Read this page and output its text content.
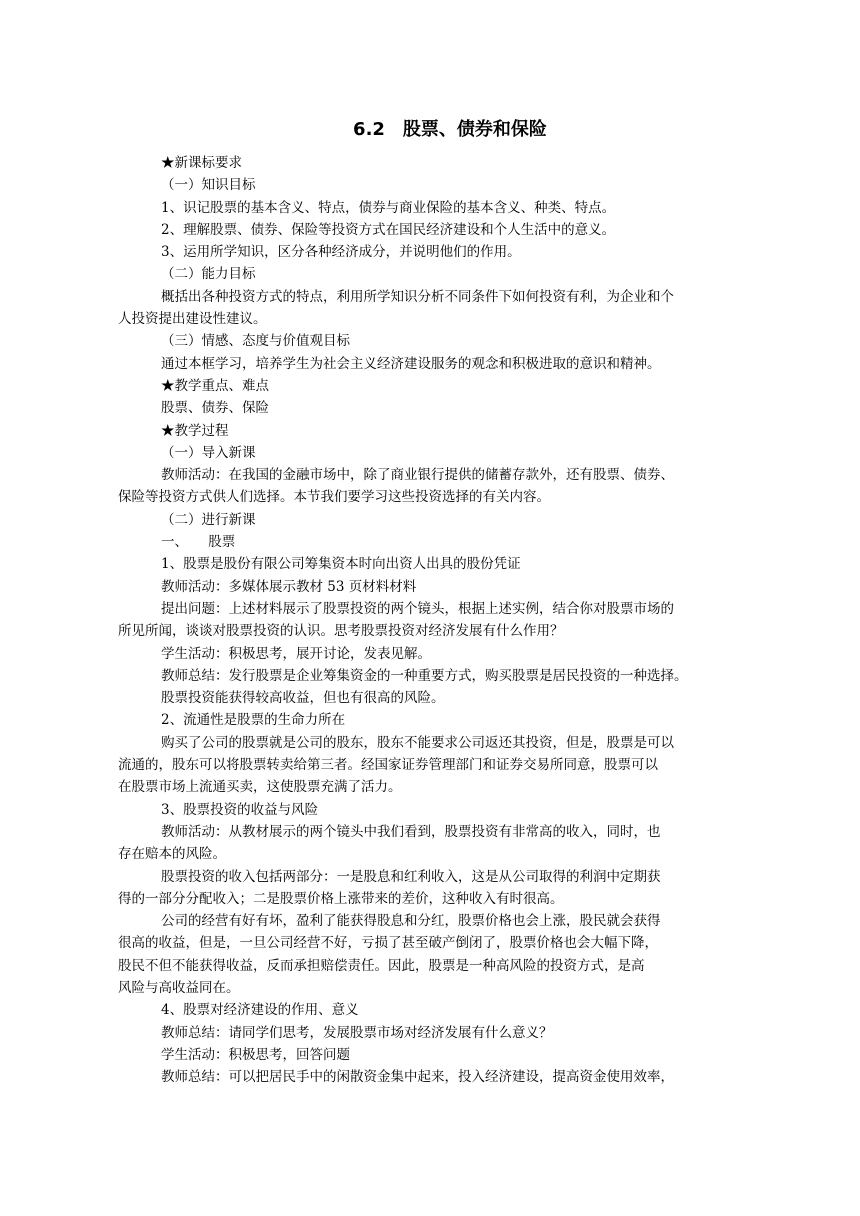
6.2　股票、债券和保险
★新课标要求
（一）知识目标
1、识记股票的基本含义、特点，债券与商业保险的基本含义、种类、特点。
2、理解股票、债券、保险等投资方式在国民经济建设和个人生活中的意义。
3、运用所学知识，区分各种经济成分，并说明他们的作用。
（二）能力目标
概括出各种投资方式的特点，利用所学知识分析不同条件下如何投资有利，为企业和个
人投资提出建设性建议。
（三）情感、态度与价值观目标
通过本框学习，培养学生为社会主义经济建设服务的观念和积极进取的意识和精神。
★教学重点、难点
股票、债券、保险
★教学过程
（一）导入新课
教师活动：在我国的金融市场中，除了商业银行提供的储蓄存款外，还有股票、债券、
保险等投资方式供人们选择。本节我们要学习这些投资选择的有关内容。
（二）进行新课
一、　　股票
1、股票是股份有限公司筹集资本时向出资人出具的股份凭证
教师活动：多媒体展示教材 53 页材料材料
提出问题：上述材料展示了股票投资的两个镜头，根据上述实例，结合你对股票市场的
所见所闻，谈谈对股票投资的认识。思考股票投资对经济发展有什么作用？
学生活动：积极思考，展开讨论，发表见解。
教师总结：发行股票是企业筹集资金的一种重要方式，购买股票是居民投资的一种选择。
股票投资能获得较高收益，但也有很高的风险。
2、流通性是股票的生命力所在
购买了公司的股票就是公司的股东，股东不能要求公司返还其投资，但是，股票是可以
流通的，股东可以将股票转卖给第三者。经国家证券管理部门和证券交易所同意，股票可以
在股票市场上流通买卖，这使股票充满了活力。
3、股票投资的收益与风险
教师活动：从教材展示的两个镜头中我们看到，股票投资有非常高的收入，同时，也
存在赔本的风险。
股票投资的收入包括两部分：一是股息和红利收入，这是从公司取得的利润中定期获
得的一部分分配收入；二是股票价格上涨带来的差价，这种收入有时很高。
公司的经营有好有坏，盈利了能获得股息和分红，股票价格也会上涨，股民就会获得
很高的收益，但是，一旦公司经营不好，亏损了甚至破产倒闭了，股票价格也会大幅下降，
股民不但不能获得收益，反而承担赔偿责任。因此，股票是一种高风险的投资方式，是高
风险与高收益同在。
4、股票对经济建设的作用、意义
教师总结：请同学们思考，发展股票市场对经济发展有什么意义？
学生活动：积极思考，回答问题
教师总结：可以把居民手中的闲散资金集中起来，投入经济建设，提高资金使用效率，
